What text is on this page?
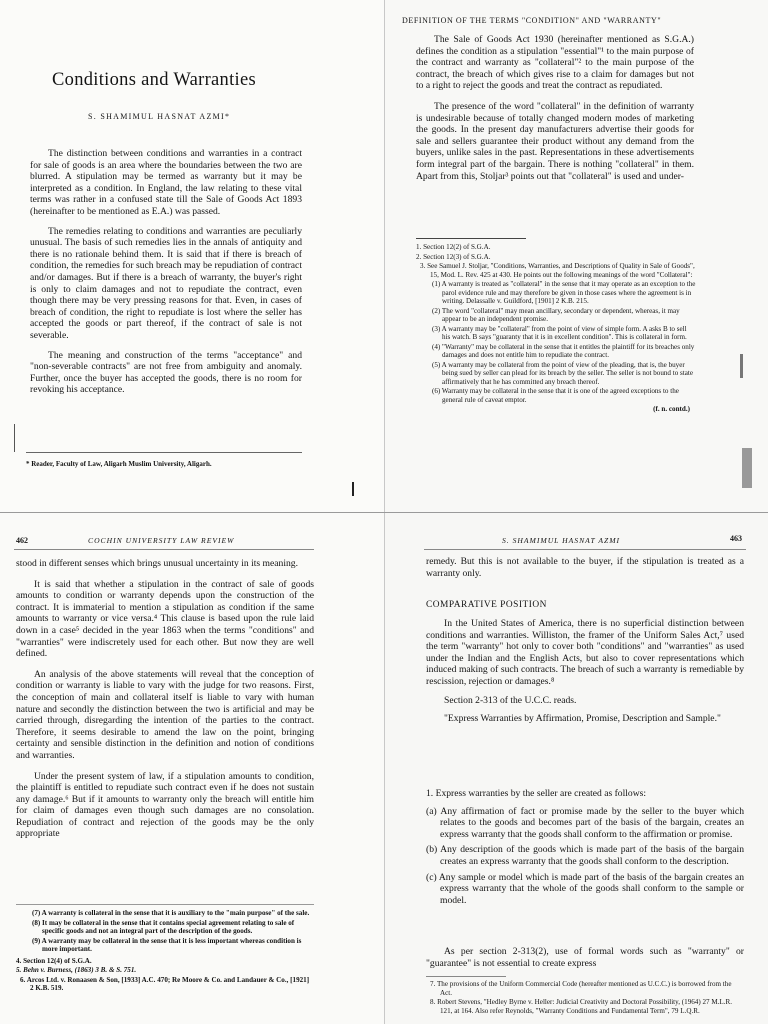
Conditions and Warranties
S. SHAMIMUL HASNAT AZMI*

The distinction between conditions and warranties in a contract for sale of goods is an area where the boundaries between the two are blurred. A stipulation may be termed as warranty but it may be interpreted as a condition. In England, the law relating to these vital terms was rather in a confused state till the Sale of Goods Act 1893 (hereinafter to be mentioned as E.A.) was passed.

The remedies relating to conditions and warranties are peculiarly unusual. The basis of such remedies lies in the annals of antiquity and there is no rationale behind them. It is said that if there is breach of condition, the remedies for such breach may be repudiation of contract and/or damages. But if there is a breach of warranty, the buyer's right is only to claim damages and not to repudiate the contract, even though there may be very pressing reasons for that. Even, in cases of breach of condition, the right to repudiate is lost where the seller has accepted the goods or part thereof, if the contract of sale is not severable.

The meaning and construction of the terms "acceptance" and "non-severable contracts" are not free from ambiguity and anomaly. Further, once the buyer has accepted the goods, there is no room for revoking his acceptance.

* Reader, Faculty of Law, Aligarh Muslim University, Aligarh.
DEFINITION OF THE TERMS "CONDITION" AND "WARRANTY"

The Sale of Goods Act 1930 (hereinafter mentioned as S.G.A.) defines the condition as a stipulation "essential"¹ to the main purpose of the contract and warranty as "collateral"² to the main purpose of the contract, the breach of which gives rise to a claim for damages but not to a right to reject the goods and treat the contract as repudiated.

The presence of the word "collateral" in the definition of warranty is undesirable because of totally changed modern modes of marketing the goods. In the present day manufacturers advertise their goods for sale and sellers guarantee their product without any demand from the buyers, unlike sales in the past. Representations in these advertisements form integral part of the bargain. There is nothing "collateral" in them. Apart from this, Stoljar³ points out that "collateral" is used and under-

1. Section 12(2) of S.G.A.
2. Section 12(3) of S.G.A.
3. See Samuel J. Stoljar, "Conditions, Warranties, and Descriptions of Quality in Sale of Goods", 15, Mod. L. Rev. 425 at 430. He points out the following meanings of the word "Collateral":
(1) A warranty is treated as "collateral" in the sense that it may operate as an exception to the parol evidence rule and may therefore be given in those cases where the agreement is in writing. Delassalle v. Guildford, [1901] 2 K.B. 215.
(2) The word "collateral" may mean ancillary, secondary or dependent, whereas, it may appear to be an independent promise.
(3) A warranty may be "collateral" from the point of view of simple form. A asks B to sell his watch. B says "guaranty that it is in excellent condition". This is collateral in form.
(4) "Warranty" may be collateral in the sense that it entitles the plaintiff for its breaches only damages and does not entitle him to repudiate the contract.
(5) A warranty may be collateral from the point of view of the pleading, that is, the buyer being sued by seller can plead for its breach by the seller. The seller is not bound to state affirmatively that he has committed any breach thereof.
(6) Warranty may be collateral in the sense that it is one of the agreed exceptions to the general rule of caveat emptor.
(f. n. contd.)
462	COCHIN UNIVERSITY LAW REVIEW

stood in different senses which brings unusual uncertainty in its meaning.

It is said that whether a stipulation in the contract of sale of goods amounts to condition or warranty depends upon the construction of the contract. It is immaterial to mention a stipulation as condition if the same amounts to warranty or vice versa.⁴ This clause is based upon the rule laid down in a case⁵ decided in the year 1863 when the terms "conditions" and "warranties" were indiscretely used for each other. But now they are well defined.

An analysis of the above statements will reveal that the conception of condition or warranty is liable to vary with the judge for two reasons. First, the conception of main and collateral itself is liable to vary with human nature and secondly the distinction between the two is artificial and may be carried through, disregarding the intention of the parties to the contract. Therefore, it seems desirable to amend the law on the point, bringing certainty and sensible distinction in the definition and notion of conditions and warranties.

Under the present system of law, if a stipulation amounts to condition, the plaintiff is entitled to repudiate such contract even if he does not sustain any damage.⁶ But if it amounts to warranty only the breach will entitle him for claim of damages even though such damages are no consolation. Repudiation of contract and rejection of the goods may be the only appropriate

(7) A warranty is collateral in the sense that it is auxiliary to the "main purpose" of the sale.
(8) It may be collateral in the sense that it contains special agreement relating to sale of specific goods and not an integral part of the description of the goods.
(9) A warranty may be collateral in the sense that it is less important whereas condition is more important.
4. Section 12(4) of S.G.A.
5. Behn v. Burness, (1863) 3 B. & S. 751.
6. Arcos Ltd. v. Ronaasen & Son, [1933] A.C. 470; Re Moore & Co. and Landauer & Co., [1921] 2 K.B. 519.
S. SHAMIMUL HASNAT AZMI	463

remedy. But this is not available to the buyer, if the stipulation is treated as a warranty only.

COMPARATIVE POSITION

In the United States of America, there is no superficial distinction between conditions and warranties. Williston, the framer of the Uniform Sales Act,⁷ used the term "warranty" hot only to cover both "conditions" and "warranties" as used under the Indian and the English Acts, but also to cover representations which induced making of such contracts. The breach of such a warranty is remediable by rescission, rejection or damages.⁸

Section 2-313 of the U.C.C. reads.

"Express Warranties by Affirmation, Promise, Description and Sample."

1. Express warranties by the seller are created as follows:
(a) Any affirmation of fact or promise made by the seller to the buyer which relates to the goods and becomes part of the basis of the bargain, creates an express warranty that the goods shall conform to the affirmation or promise.
(b) Any description of the goods which is made part of the basis of the bargain creates an express warranty that the goods shall conform to the description.
(c) Any sample or model which is made part of the basis of the bargain creates an express warranty that the whole of the goods shall conform to the sample or model.

As per section 2-313(2), use of formal words such as "warranty" or "guarantee" is not essential to create express

7. The provisions of the Uniform Commercial Code (hereafter mentioned as U.C.C.) is borrowed from the Act.
8. Robert Stevens, "Hedley Byrne v. Heller: Judicial Creativity and Doctoral Possibility, (1964) 27 M.L.R. 121, at 164. Also refer Reynolds, "Warranty Conditions and Fundamental Term", 79 L.Q.R.
